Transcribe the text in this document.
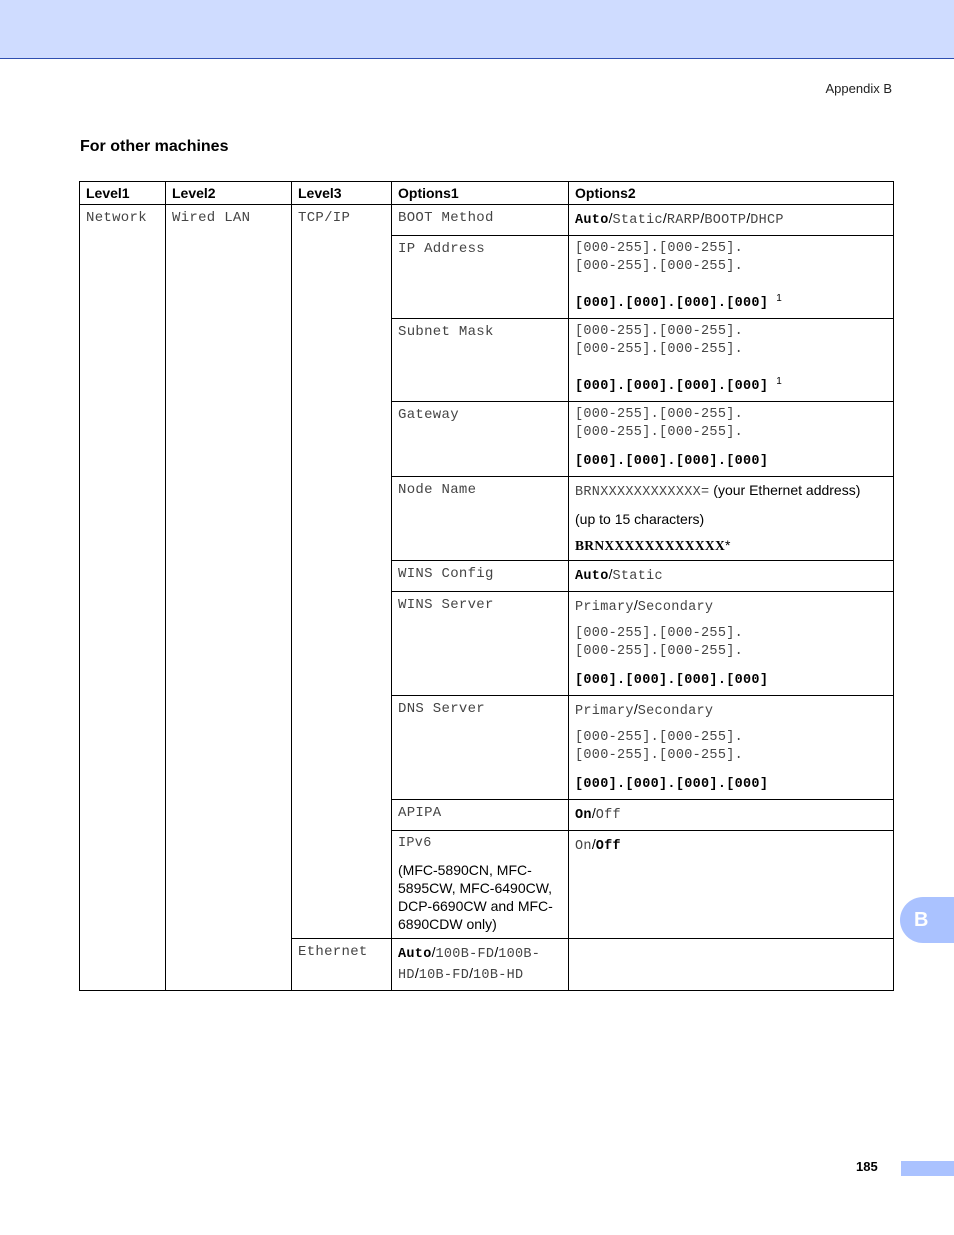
Appendix B
For other machines
Level1	Level2	Level3	Options1	Options2
Network	Wired LAN	TCP/IP	BOOT Method	Auto/Static/RARP/BOOTP/DHCP
			IP Address	[000-255].[000-255].
[000-255].[000-255].
[000].[000].[000].[000] $^1$

			Subnet Mask	[000-255].[000-255].
[000-255].[000-255].
[000].[000].[000].[000] $^1$

			Gateway	[000-255].[000-255].
[000-255].[000-255].
[000].[000].[000].[000]

			Node Name	BRNXXXXXXXXXXXX= (your Ethernet address)
(up to 15 characters)
BRNXXXXXXXXXXXX*

			WINS Config	Auto/Static
			WINS Server	Primary/Secondary
[000-255].[000-255].
[000-255].[000-255].
[000].[000].[000].[000]

			DNS Server	Primary/Secondary
[000-255].[000-255].
[000-255].[000-255].
[000].[000].[000].[000]

			APIPA	On/Off

			IPv6
(MFC-5890CN, MFC-5895CW, MFC-6490CW, DCP-6690CW and MFC-6890CDW only)	On/Off
		Ethernet	Auto/100B-FD/100B-
HD/10B-FD/10B-HD	

B
185
